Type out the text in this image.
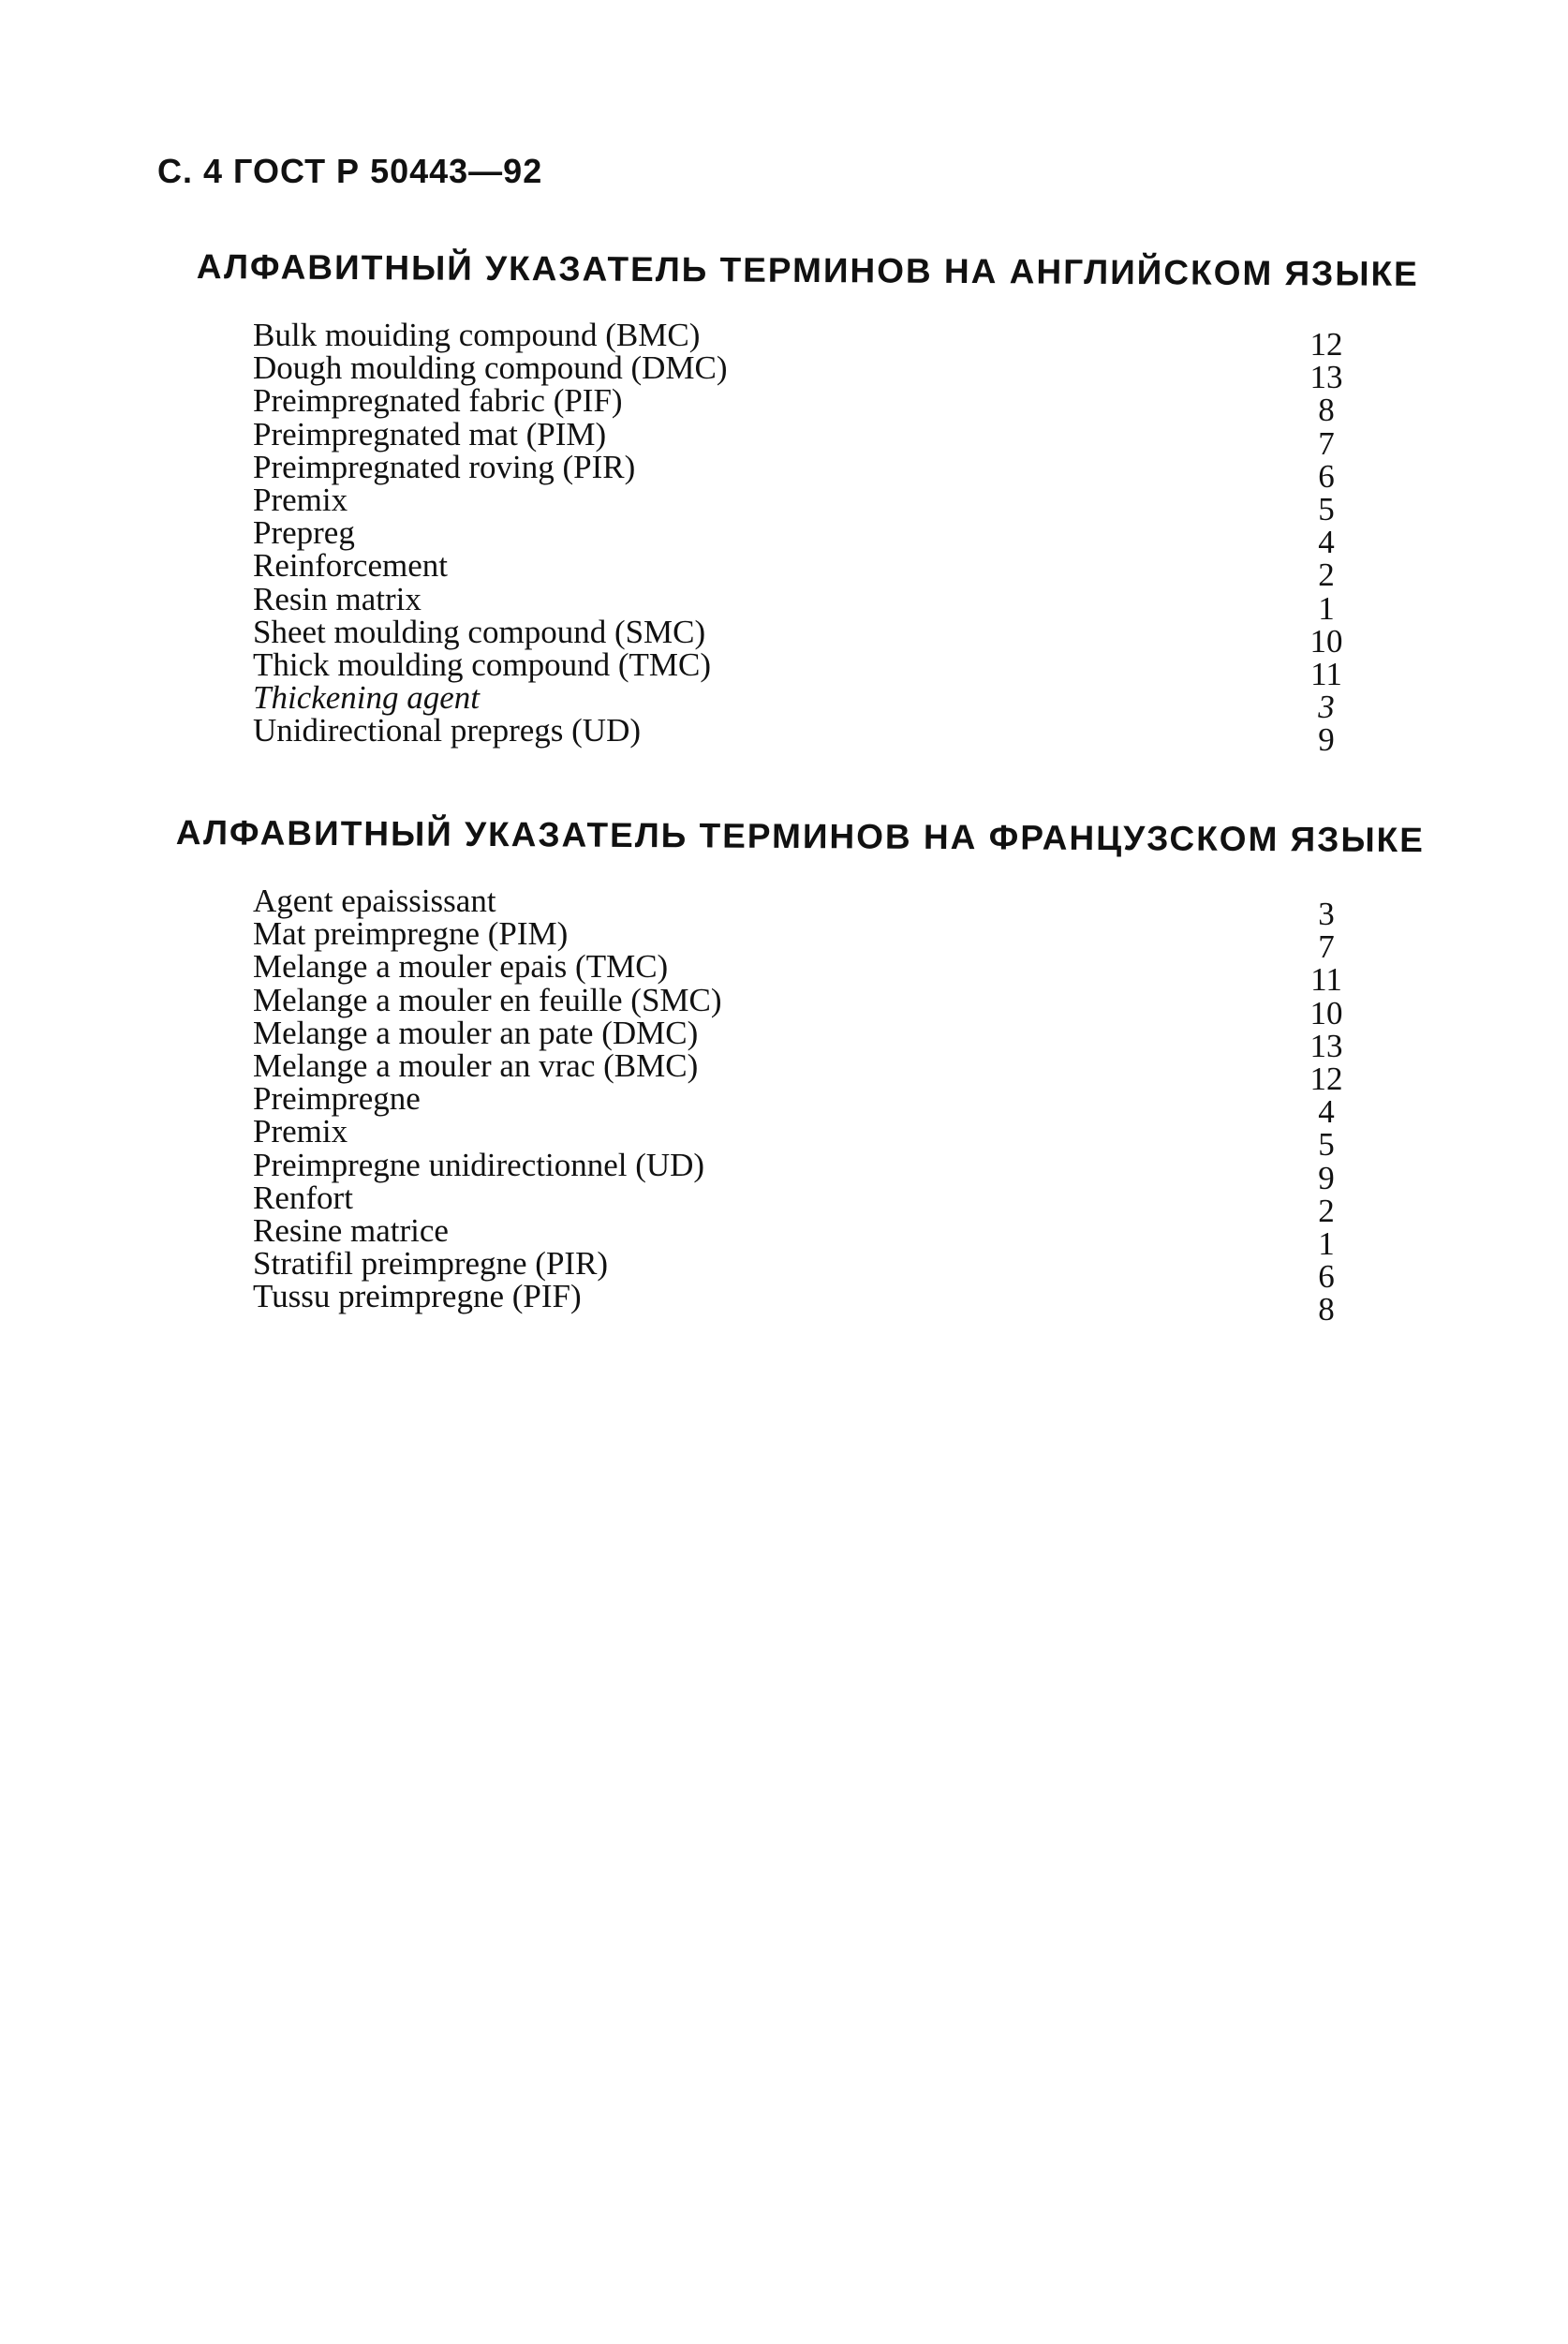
С. 4 ГОСТ Р 50443—92
АЛФАВИТНЫЙ УКАЗАТЕЛЬ ТЕРМИНОВ НА АНГЛИЙСКОМ ЯЗЫКЕ
Bulk mouiding compound (BMC)	12
Dough moulding compound (DMC)	13
Preimpregnated fabric (PIF)	8
Preimpregnated mat (PIM)	7
Preimpregnated roving (PIR)	6
Premix	5
Prepreg	4
Reinforcement	2
Resin matrix	1
Sheet moulding compound (SMC)	10
Thick moulding compound (TMC)	11
Thickening agent	3
Unidirectional prepregs (UD)	9
АЛФАВИТНЫЙ УКАЗАТЕЛЬ ТЕРМИНОВ НА ФРАНЦУЗСКОМ ЯЗЫКЕ
Agent epaississant	3
Mat preimpregne (PIM)	7
Melange a mouler epais (TMC)	11
Melange a mouler en feuille (SMC)	10
Melange a mouler an pate (DMC)	13
Melange a mouler an vrac (BMC)	12
Preimpregne	4
Premix	5
Preimpregne unidirectionnel (UD)	9
Renfort	2
Resine matrice	1
Stratifil preimpregne (PIR)	6
Tussu preimpregne (PIF)	8
